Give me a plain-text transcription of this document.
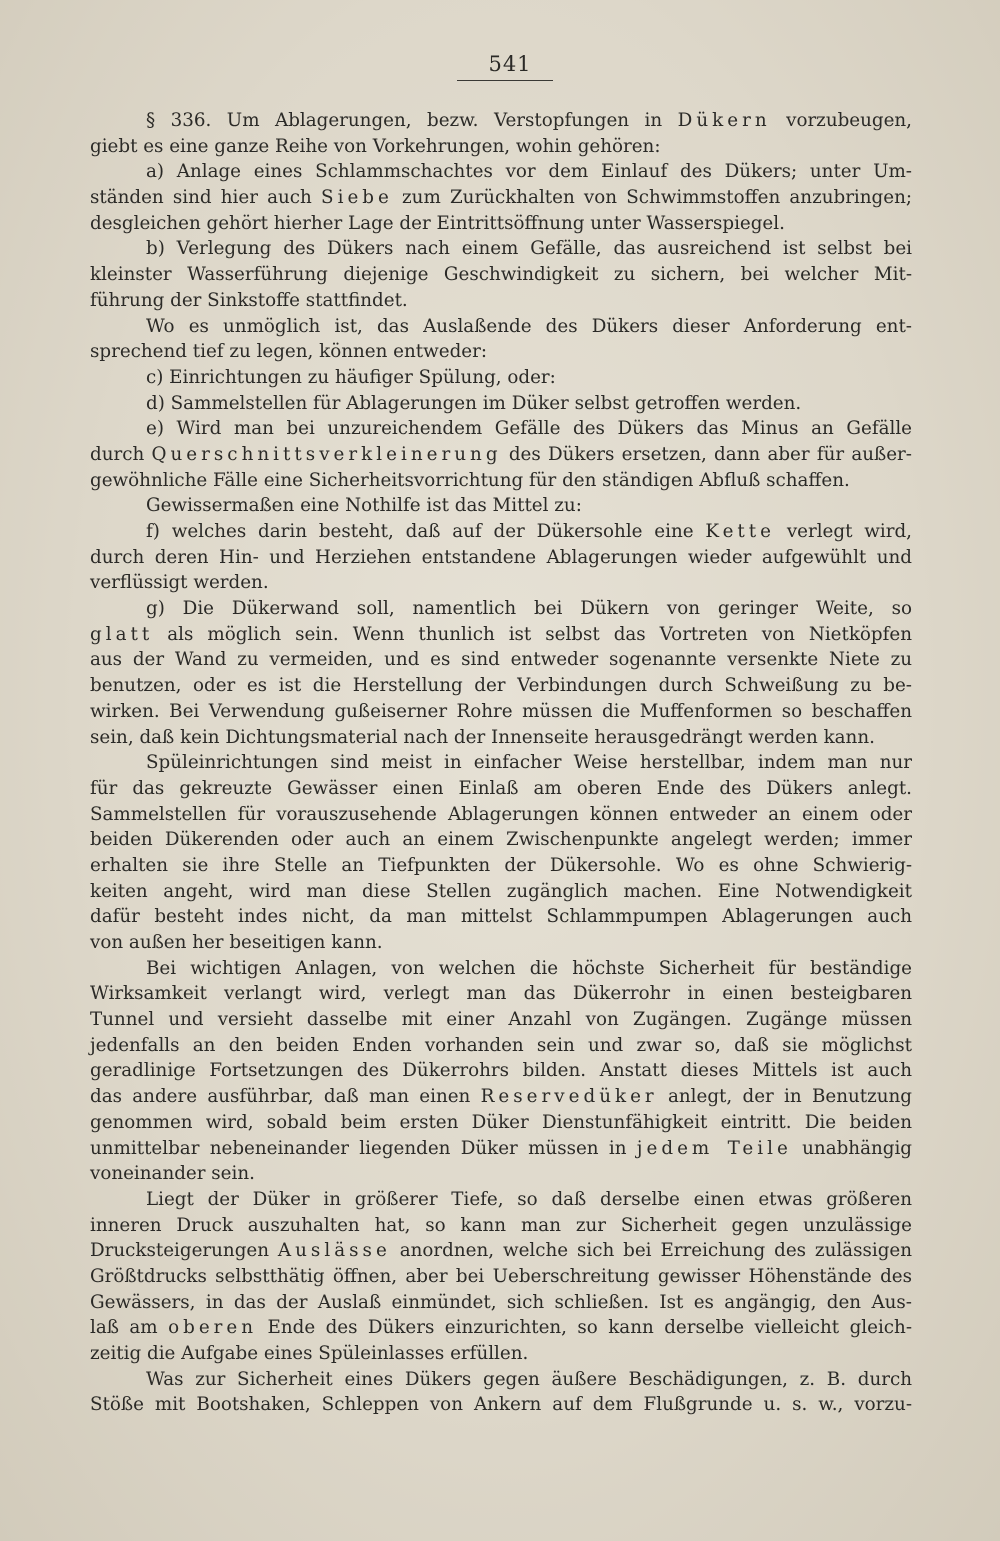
541
§ 336. Um Ablagerungen, bezw. Verstopfungen in Dükern vorzubeugen,
giebt es eine ganze Reihe von Vorkehrungen, wohin gehören:
a) Anlage eines Schlammschachtes vor dem Einlauf des Dükers; unter Um-
ständen sind hier auch Siebe zum Zurückhalten von Schwimmstoffen anzubringen;
desgleichen gehört hierher Lage der Eintrittsöffnung unter Wasserspiegel.
b) Verlegung des Dükers nach einem Gefälle, das ausreichend ist selbst bei
kleinster Wasserführung diejenige Geschwindigkeit zu sichern, bei welcher Mit-
führung der Sinkstoffe stattfindet.
Wo es unmöglich ist, das Auslaßende des Dükers dieser Anforderung ent-
sprechend tief zu legen, können entweder:
c) Einrichtungen zu häufiger Spülung, oder:
d) Sammelstellen für Ablagerungen im Düker selbst getroffen werden.
e) Wird man bei unzureichendem Gefälle des Dükers das Minus an Gefälle
durch Querschnittsverkleinerung des Dükers ersetzen, dann aber für außer-
gewöhnliche Fälle eine Sicherheitsvorrichtung für den ständigen Abfluß schaffen.
Gewissermaßen eine Nothilfe ist das Mittel zu:
f) welches darin besteht, daß auf der Dükersohle eine Kette verlegt wird,
durch deren Hin- und Herziehen entstandene Ablagerungen wieder aufgewühlt und
verflüssigt werden.
g) Die Dükerwand soll, namentlich bei Dükern von geringer Weite, so
glatt als möglich sein. Wenn thunlich ist selbst das Vortreten von Nietköpfen
aus der Wand zu vermeiden, und es sind entweder sogenannte versenkte Niete zu
benutzen, oder es ist die Herstellung der Verbindungen durch Schweißung zu be-
wirken. Bei Verwendung gußeiserner Rohre müssen die Muffenformen so beschaffen
sein, daß kein Dichtungsmaterial nach der Innenseite herausgedrängt werden kann.
Spüleinrichtungen sind meist in einfacher Weise herstellbar, indem man nur
für das gekreuzte Gewässer einen Einlaß am oberen Ende des Dükers anlegt.
Sammelstellen für vorauszusehende Ablagerungen können entweder an einem oder
beiden Dükerenden oder auch an einem Zwischenpunkte angelegt werden; immer
erhalten sie ihre Stelle an Tiefpunkten der Dükersohle. Wo es ohne Schwierig-
keiten angeht, wird man diese Stellen zugänglich machen. Eine Notwendigkeit
dafür besteht indes nicht, da man mittelst Schlammpumpen Ablagerungen auch
von außen her beseitigen kann.
Bei wichtigen Anlagen, von welchen die höchste Sicherheit für beständige
Wirksamkeit verlangt wird, verlegt man das Dükerrohr in einen besteigbaren
Tunnel und versieht dasselbe mit einer Anzahl von Zugängen. Zugänge müssen
jedenfalls an den beiden Enden vorhanden sein und zwar so, daß sie möglichst
geradlinige Fortsetzungen des Dükerrohrs bilden. Anstatt dieses Mittels ist auch
das andere ausführbar, daß man einen Reservedüker anlegt, der in Benutzung
genommen wird, sobald beim ersten Düker Dienstunfähigkeit eintritt. Die beiden
unmittelbar nebeneinander liegenden Düker müssen in jedem Teile unabhängig
voneinander sein.
Liegt der Düker in größerer Tiefe, so daß derselbe einen etwas größeren
inneren Druck auszuhalten hat, so kann man zur Sicherheit gegen unzulässige
Drucksteigerungen Auslässe anordnen, welche sich bei Erreichung des zulässigen
Größtdrucks selbstthätig öffnen, aber bei Ueberschreitung gewisser Höhenstände des
Gewässers, in das der Auslaß einmündet, sich schließen. Ist es angängig, den Aus-
laß am oberen Ende des Dükers einzurichten, so kann derselbe vielleicht gleich-
zeitig die Aufgabe eines Spüleinlasses erfüllen.
Was zur Sicherheit eines Dükers gegen äußere Beschädigungen, z. B. durch
Stöße mit Bootshaken, Schleppen von Ankern auf dem Flußgrunde u. s. w., vorzu-
